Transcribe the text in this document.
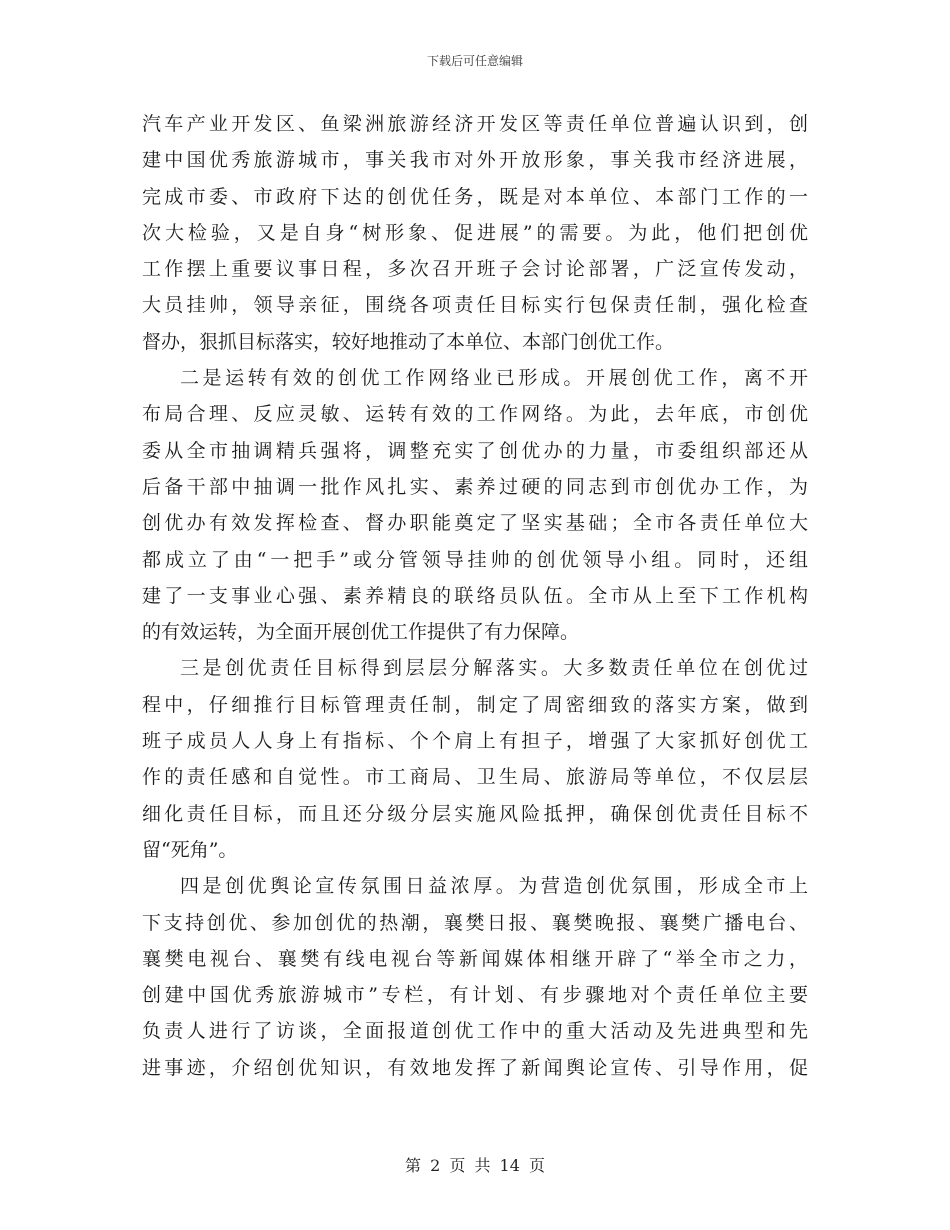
下载后可任意编辑
汽车产业开发区、鱼梁洲旅游经济开发区等责任单位普遍认识到，创
建中国优秀旅游城市，事关我市对外开放形象，事关我市经济进展，
完成市委、市政府下达的创优任务，既是对本单位、本部门工作的一
次大检验，又是自身“树形象、促进展”的需要。为此，他们把创优
工作摆上重要议事日程，多次召开班子会讨论部署，广泛宣传发动，
大员挂帅，领导亲征，围绕各项责任目标实行包保责任制，强化检查
督办，狠抓目标落实，较好地推动了本单位、本部门创优工作。
二是运转有效的创优工作网络业已形成。开展创优工作，离不开
布局合理、反应灵敏、运转有效的工作网络。为此，去年底，市创优
委从全市抽调精兵强将，调整充实了创优办的力量，市委组织部还从
后备干部中抽调一批作风扎实、素养过硬的同志到市创优办工作，为
创优办有效发挥检查、督办职能奠定了坚实基础；全市各责任单位大
都成立了由“一把手”或分管领导挂帅的创优领导小组。同时，还组
建了一支事业心强、素养精良的联络员队伍。全市从上至下工作机构
的有效运转，为全面开展创优工作提供了有力保障。
三是创优责任目标得到层层分解落实。大多数责任单位在创优过
程中，仔细推行目标管理责任制，制定了周密细致的落实方案，做到
班子成员人人身上有指标、个个肩上有担子，增强了大家抓好创优工
作的责任感和自觉性。市工商局、卫生局、旅游局等单位，不仅层层
细化责任目标，而且还分级分层实施风险抵押，确保创优责任目标不
留“死角”。
四是创优舆论宣传氛围日益浓厚。为营造创优氛围，形成全市上
下支持创优、参加创优的热潮，襄樊日报、襄樊晚报、襄樊广播电台、
襄樊电视台、襄樊有线电视台等新闻媒体相继开辟了“举全市之力，
创建中国优秀旅游城市”专栏，有计划、有步骤地对个责任单位主要
负责人进行了访谈，全面报道创优工作中的重大活动及先进典型和先
进事迹，介绍创优知识，有效地发挥了新闻舆论宣传、引导作用，促
第 2 页 共 14 页
